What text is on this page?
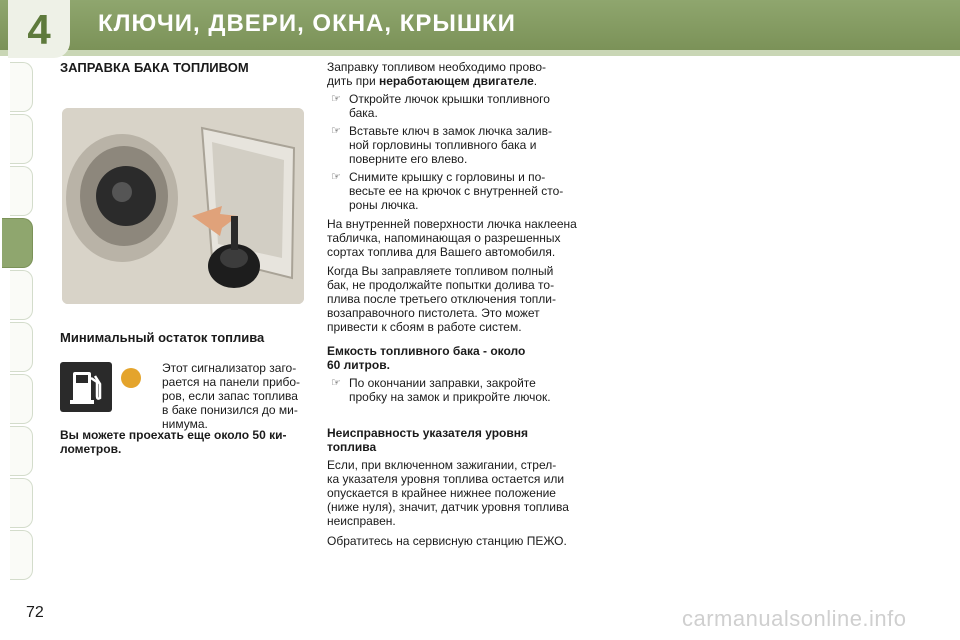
4	КЛЮЧИ, ДВЕРИ, ОКНА, КРЫШКИ
ЗАПРАВКА БАКА ТОПЛИВОМ
Минимальный остаток топлива

Этот сигнализатор заго-

рается на панели прибо-

ров, если запас топлива

в баке понизился до ми-

нимума.

Вы можете проехать еще около 50 ки-

лометров.

Заправку топливом необходимо прово-

дить при неработающем двигателе.

☞ Откройте лючок крышки топливного

бака.

☞ Вставьте ключ в замок лючка залив-

ной горловины топливного бака и

поверните его влево.

☞ Снимите крышку с горловины и по-

весьте ее на крючок с внутренней сто-

роны лючка.

На внутренней поверхности лючка наклеена

табличка, напоминающая о разрешенных

сортах топлива для Вашего автомобиля.

Когда Вы заправляете топливом полный

бак, не продолжайте попытки долива то-

плива после третьего отключения топли-

возаправочного пистолета. Это может

привести к сбоям в работе систем.

Емкость топливного бака - около

60 литров.

☞ По окончании заправки, закройте

пробку на замок и прикройте лючок.

Неисправность указателя уровня

топлива

Если, при включенном зажигании, стрел-

ка указателя уровня топлива остается или

опускается в крайнее нижнее положение

(ниже нуля), значит, датчик уровня топлива

неисправен.

Обратитесь на сервисную станцию ПЕЖО.

72	carmanualsonline.info
